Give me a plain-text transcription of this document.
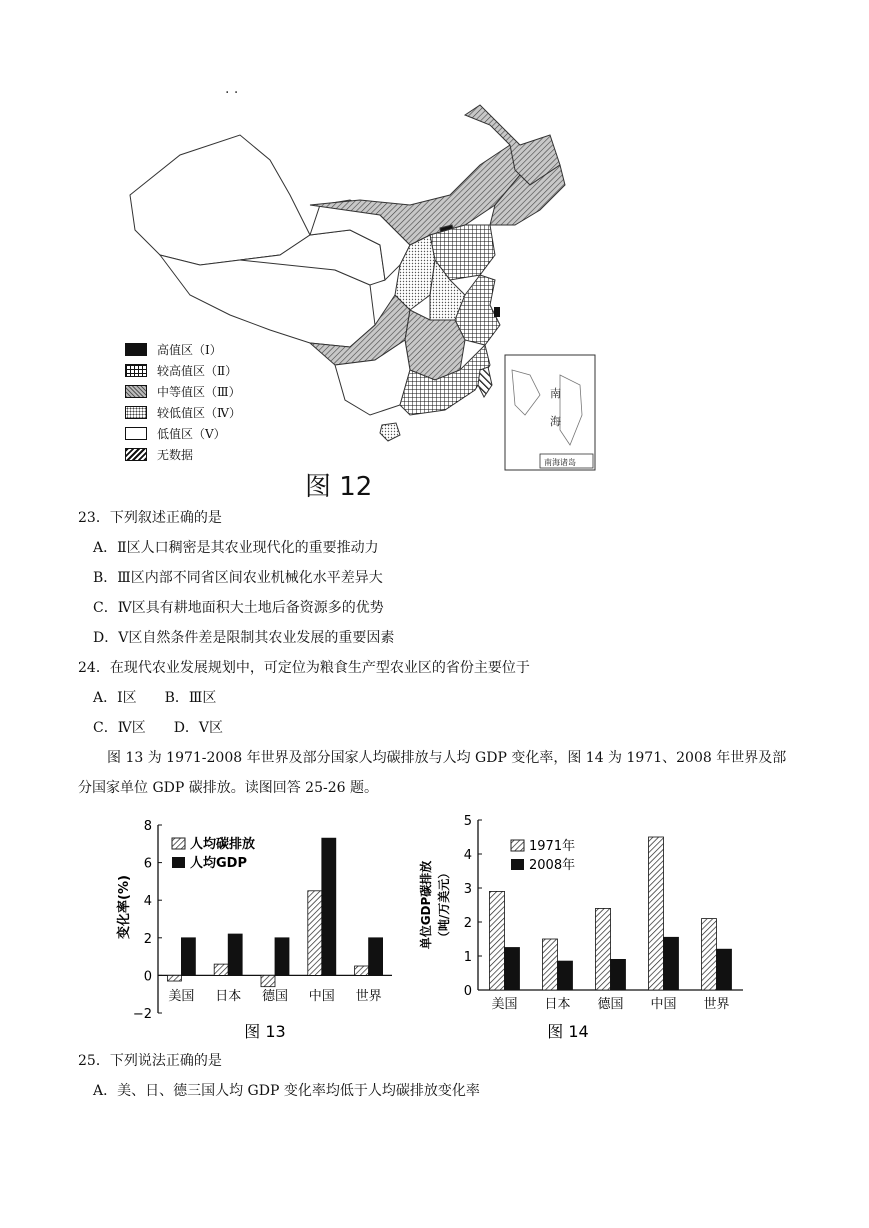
· ·
南
海
南海诸岛
高值区（Ⅰ）
较高值区（Ⅱ）
中等值区（Ⅲ）
较低值区（Ⅳ）
低值区（Ⅴ）
无数据
图 12
23．下列叙述正确的是
A．Ⅱ区人口稠密是其农业现代化的重要推动力
B．Ⅲ区内部不同省区间农业机械化水平差异大
C．Ⅳ区具有耕地面积大土地后备资源多的优势
D．Ⅴ区自然条件差是限制其农业发展的重要因素
24．在现代农业发展规划中，可定位为粮食生产型农业区的省份主要位于
A．Ⅰ区　　B．Ⅲ区
C．Ⅳ区　　D．Ⅴ区
图 13 为 1971-2008 年世界及部分国家人均碳排放与人均 GDP 变化率，图 14 为 1971、2008 年世界及部
分国家单位 GDP 碳排放。读图回答 25-26 题。
−2
0
2
4
6
8
美国 日本 德国 中国 世界
变化率(%)
人均碳排放
人均GDP
图 13
0
1
2
3
4
5
美国 日本 德国 中国 世界
单位GDP碳排放 （吨/万美元）
1971年
2008年
图 14
25．下列说法正确的是
A．美、日、德三国人均 GDP 变化率均低于人均碳排放变化率
